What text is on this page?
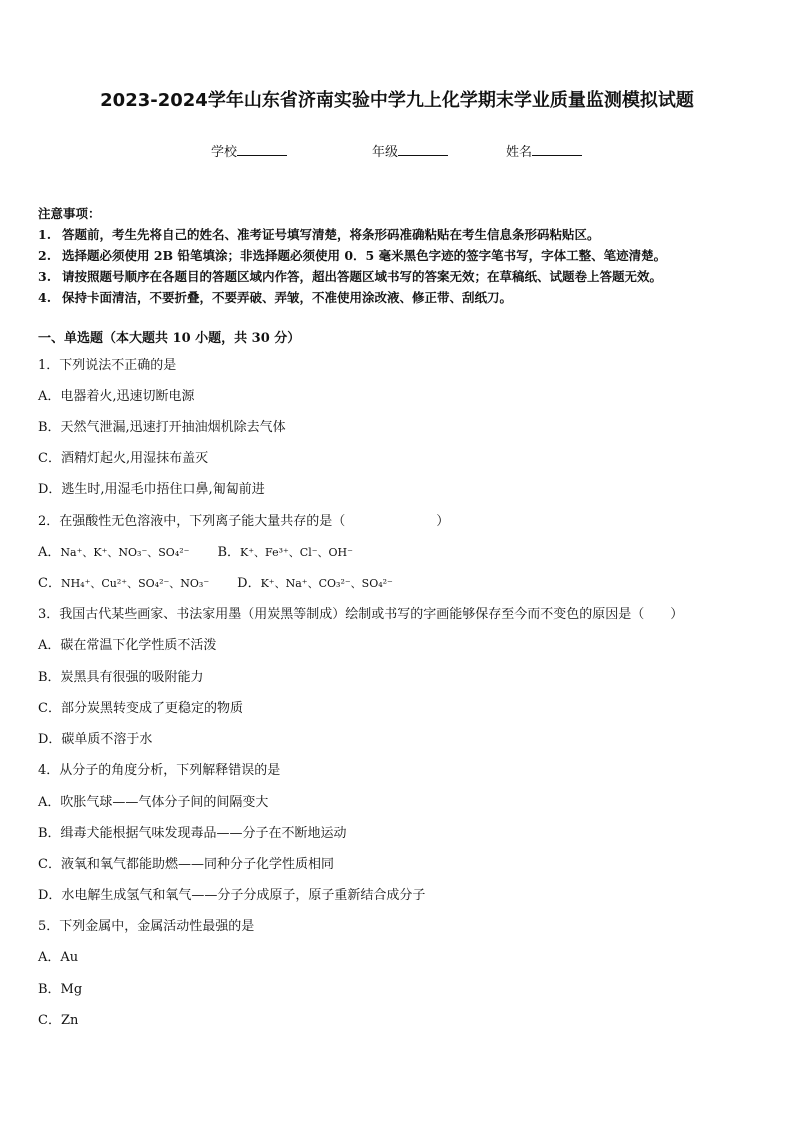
2023-2024学年山东省济南实验中学九上化学期末学业质量监测模拟试题
学校	年级	姓名
注意事项：
1. 答题前，考生先将自己的姓名、准考证号填写清楚，将条形码准确粘贴在考生信息条形码粘贴区。
2. 选择题必须使用 2B 铅笔填涂；非选择题必须使用 0．5 毫米黑色字迹的签字笔书写，字体工整、笔迹清楚。
3. 请按照题号顺序在各题目的答题区域内作答，超出答题区域书写的答案无效；在草稿纸、试题卷上答题无效。
4. 保持卡面清洁，不要折叠，不要弄破、弄皱，不准使用涂改液、修正带、刮纸刀。
一、单选题（本大题共 10 小题，共 30 分）
1．下列说法不正确的是
A．电器着火,迅速切断电源
B．天然气泄漏,迅速打开抽油烟机除去气体
C．酒精灯起火,用湿抹布盖灭
D．逃生时,用湿毛巾捂住口鼻,匍匐前进
2．在强酸性无色溶液中，下列离子能大量共存的是（　　　　　　　）
A．Na⁺、K⁺、NO₃⁻、SO₄²⁻ B．K⁺、Fe³⁺、Cl⁻、OH⁻
C．NH₄⁺、Cu²⁺、SO₄²⁻、NO₃⁻ D．K⁺、Na⁺、CO₃²⁻、SO₄²⁻
3．我国古代某些画家、书法家用墨（用炭黑等制成）绘制或书写的字画能够保存至今而不变色的原因是（　　）
A．碳在常温下化学性质不活泼
B．炭黑具有很强的吸附能力
C．部分炭黑转变成了更稳定的物质
D．碳单质不溶于水
4．从分子的角度分析，下列解释错误的是
A．吹胀气球——气体分子间的间隔变大
B．缉毒犬能根据气味发现毒品——分子在不断地运动
C．液氧和氧气都能助燃——同种分子化学性质相同
D．水电解生成氢气和氧气——分子分成原子，原子重新结合成分子
5．下列金属中，金属活动性最强的是
A．Au
B．Mg
C．Zn
